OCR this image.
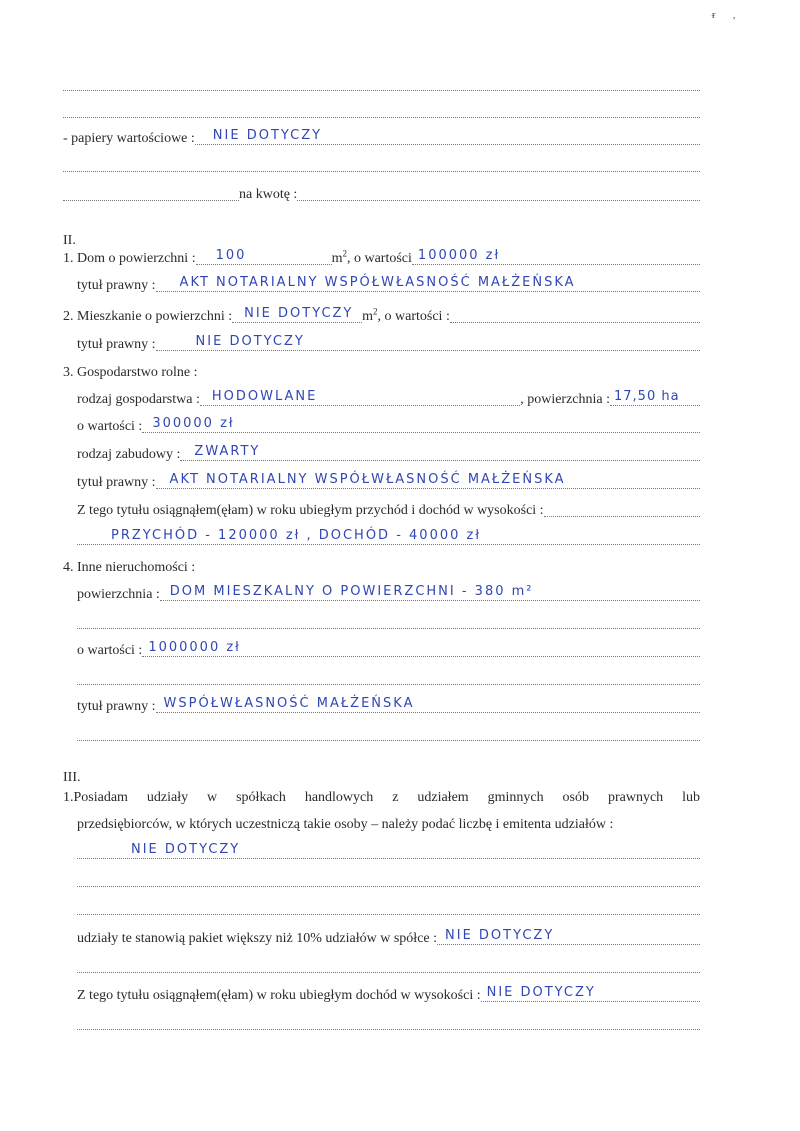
ᵲ       ,
- papiery wartościowe : NIE DOTYCZY
na kwotę :
II.
1. Dom o powierzchni : 100	$m^2$, o wartości 100000 zł
tytuł prawny : AKT NOTARIALNY WSPÓŁWŁASNOŚĆ MAŁŻEŃSKA
2. Mieszkanie o powierzchni : NIE DOTYCZY $m^2$, o wartości :
tytuł prawny :	NIE DOTYCZY
3. Gospodarstwo rolne :
rodzaj gospodarstwa : HODOWLANE	, powierzchnia : 17,50 ha
o wartości : 300000 zł
rodzaj zabudowy : ZWARTY
tytuł prawny : AKT NOTARIALNY WSPÓŁWŁASNOŚĆ MAŁŻEŃSKA
Z tego tytułu osiągnąłem(ęłam) w roku ubiegłym przychód i dochód w wysokości :
PRZYCHÓD - 120000 zł , DOCHÓD - 40000 zł
4. Inne nieruchomości :
powierzchnia : DOM MIESZKALNY O POWIERZCHNI - 380 m²
o wartości : 1000000 zł
tytuł prawny : WSPÓŁWŁASNOŚĆ MAŁŻEŃSKA
III.
1.Posiadam udziały w spółkach handlowych z udziałem gminnych osób prawnych lub
przedsiębiorców, w których uczestniczą takie osoby – należy podać liczbę i emitenta udziałów :
NIE DOTYCZY
udziały te stanowią pakiet większy niż 10% udziałów w spółce : NIE DOTYCZY
Z tego tytułu osiągnąłem(ęłam) w roku ubiegłym dochód w wysokości : NIE DOTYCZY
